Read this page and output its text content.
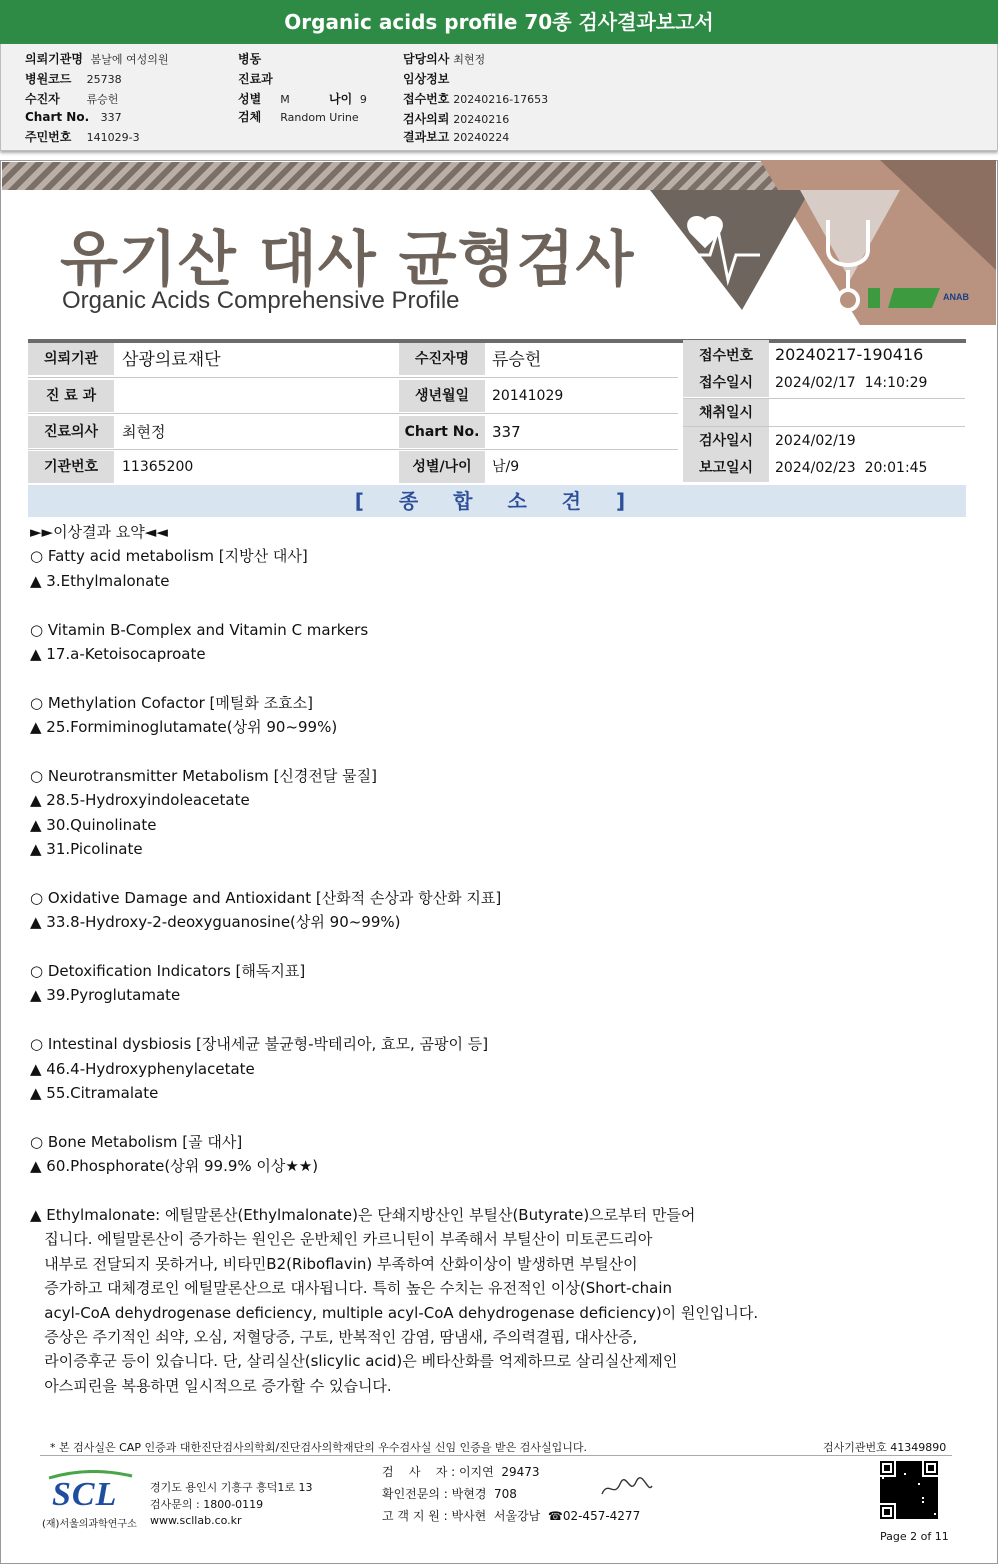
Organic acids profile 70종 검사결과보고서
의뢰기관명 봄날에 여성의원
병원코드 25738
수진자 류승헌
Chart No. 337
주민번호 141029-3
병동
진료과
성별 M	나이 9
검체 Random Urine
담당의사 최현정
임상정보
접수번호 20240216-17653
검사의뢰 20240216
결과보고 20240224
CAP	ANAB
유기산 대사 균형검사
Organic Acids Comprehensive Profile
의뢰기관	삼광의료재단
진 료 과
진료의사	최현정
기관번호	11365200
수진자명	류승헌
생년월일	20141029
Chart No. 337
성별/나이	남/9
접수번호	20240217-190416
접수일시	2024/02/17  14:10:29
채취일시
검사일시	2024/02/19
보고일시	2024/02/23  20:01:45
[ 종 합 소 견 ]
►►이상결과 요약◄◄
○ Fatty acid metabolism [지방산 대사]
▲ 3.Ethylmalonate
○ Vitamin B-Complex and Vitamin C markers
▲ 17.a-Ketoisocaproate
○ Methylation Cofactor [메틸화 조효소]
▲ 25.Formiminoglutamate(상위 90~99%)
○ Neurotransmitter Metabolism [신경전달 물질]
▲ 28.5-Hydroxyindoleacetate
▲ 30.Quinolinate
▲ 31.Picolinate
○ Oxidative Damage and Antioxidant [산화적 손상과 항산화 지표]
▲ 33.8-Hydroxy-2-deoxyguanosine(상위 90~99%)
○ Detoxification Indicators [해독지표]
▲ 39.Pyroglutamate
○ Intestinal dysbiosis [장내세균 불균형-박테리아, 효모, 곰팡이 등]
▲ 46.4-Hydroxyphenylacetate
▲ 55.Citramalate
○ Bone Metabolism [골 대사]
▲ 60.Phosphorate(상위 99.9% 이상★★)
▲ Ethylmalonate: 에틸말론산(Ethylmalonate)은 단쇄지방산인 부틸산(Butyrate)으로부터 만들어
집니다. 에틸말론산이 증가하는 원인은 운반체인 카르니틴이 부족해서 부틸산이 미토콘드리아
내부로 전달되지 못하거나, 비타민B2(Riboflavin) 부족하여 산화이상이 발생하면 부틸산이
증가하고 대체경로인 에틸말론산으로 대사됩니다. 특히 높은 수치는 유전적인 이상(Short-chain
acyl-CoA dehydrogenase deficiency, multiple acyl-CoA dehydrogenase deficiency)이 원인입니다.
증상은 주기적인 쇠약, 오심, 저혈당증, 구토, 반복적인 감염, 땀냄새, 주의력결핍, 대사산증,
라이증후군 등이 있습니다. 단, 살리실산(slicylic acid)은 베타산화를 억제하므로 살리실산제제인
아스피린을 복용하면 일시적으로 증가할 수 있습니다.
* 본 검사실은 CAP 인증과 대한진단검사의학회/진단검사의학재단의 우수검사실 신임 인증을 받은 검사실입니다.	검사기관번호 41349890
SCL
(재)서울의과학연구소
경기도 용인시 기흥구 흥덕1로 13
검사문의 : 1800-0119
www.scllab.co.kr
검    사    자 : 이지연  29473
확인전문의 : 박현경  708
고 객 지 원 : 박사현  서울강남  ☎02-457-4277
Page 2 of 11
